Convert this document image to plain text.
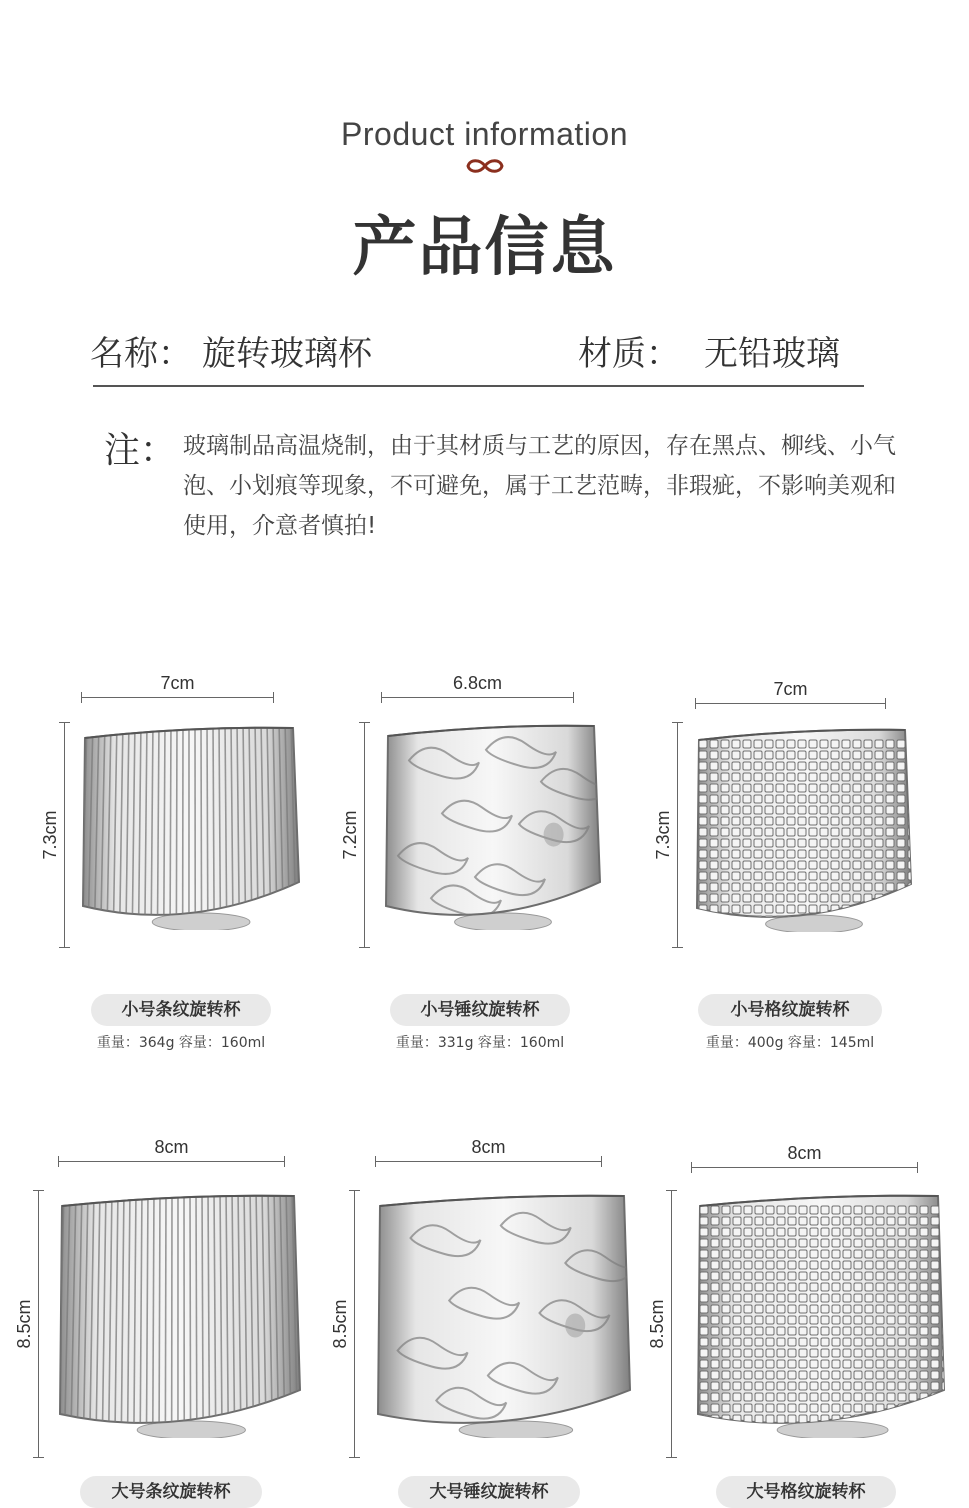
Product information
产品信息
名称： 旋转玻璃杯	材质： 无铅玻璃
注： 玻璃制品高温烧制，由于其材质与工艺的原因，存在黑点、柳线、小气泡、小划痕等现象，不可避免，属于工艺范畴，非瑕疵，不影响美观和使用，介意者慎拍!
7cm
7.3cm
小号条纹旋转杯
重量：364g 容量：160ml
6.8cm
7.2cm
小号锤纹旋转杯
重量：331g 容量：160ml
7cm
7.3cm
小号格纹旋转杯
重量：400g 容量：145ml
8cm
8.5cm
大号条纹旋转杯
8cm
8.5cm
大号锤纹旋转杯
8cm
8.5cm
大号格纹旋转杯
